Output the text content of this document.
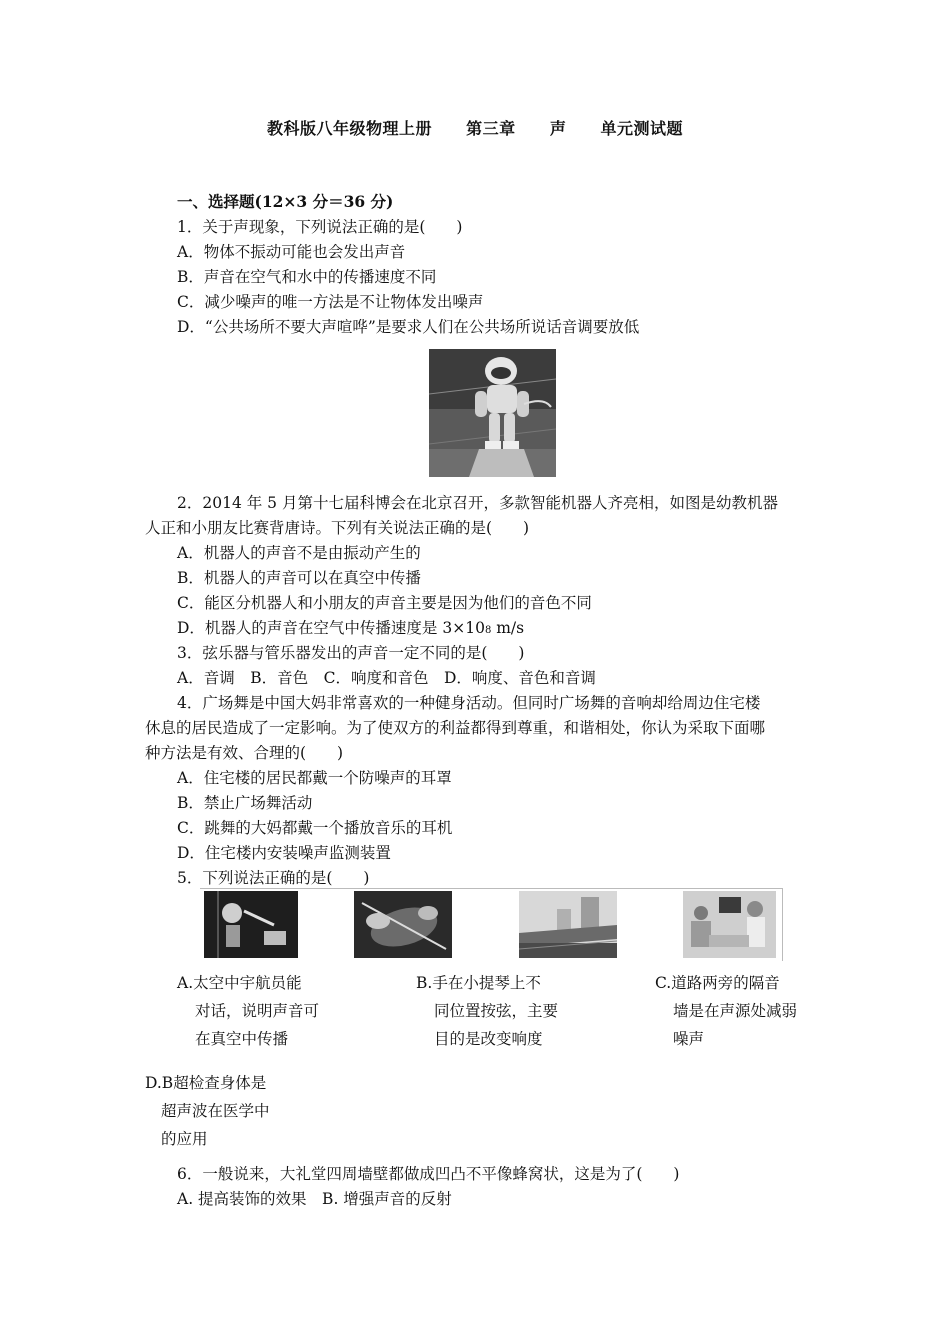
教科版八年级物理上册 第三章 声 单元测试题
一、选择题(12×3 分＝36 分)
1．关于声现象，下列说法正确的是(　　)
A．物体不振动可能也会发出声音
B．声音在空气和水中的传播速度不同
C．减少噪声的唯一方法是不让物体发出噪声
D．“公共场所不要大声喧哗”是要求人们在公共场所说话音调要放低
2．2014 年 5 月第十七届科博会在北京召开，多款智能机器人齐亮相，如图是幼教机器
人正和小朋友比赛背唐诗。下列有关说法正确的是(　　)
A．机器人的声音不是由振动产生的
B．机器人的声音可以在真空中传播
C．能区分机器人和小朋友的声音主要是因为他们的音色不同
D．机器人的声音在空气中传播速度是 3×108 m/s
3．弦乐器与管乐器发出的声音一定不同的是(　　)
A．音调　B．音色　C．响度和音色　D．响度、音色和音调
4．广场舞是中国大妈非常喜欢的一种健身活动。但同时广场舞的音响却给周边住宅楼
休息的居民造成了一定影响。为了使双方的利益都得到尊重，和谐相处，你认为采取下面哪
种方法是有效、合理的(　　)
A．住宅楼的居民都戴一个防噪声的耳罩
B．禁止广场舞活动
C．跳舞的大妈都戴一个播放音乐的耳机
D．住宅楼内安装噪声监测装置
5．下列说法正确的是(　　)
A.太空中宇航员能
对话，说明声音可
在真空中传播
B.手在小提琴上不
同位置按弦，主要
目的是改变响度
C.道路两旁的隔音
墙是在声源处减弱
噪声
D.B超检查身体是
超声波在医学中
的应用
6．一般说来，大礼堂四周墙壁都做成凹凸不平像蜂窝状，这是为了(　　)
A. 提高装饰的效果　B. 增强声音的反射
